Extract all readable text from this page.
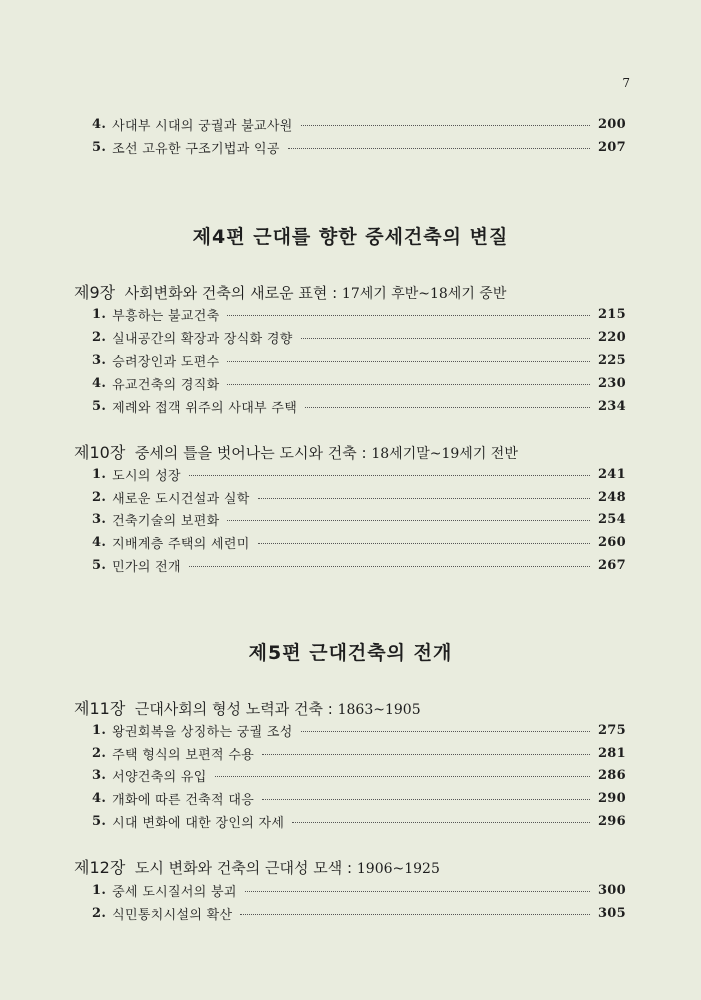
7
4. 사대부 시대의 궁궐과 불교사원	200
5. 조선 고유한 구조기법과 익공	207
제4편 근대를 향한 중세건축의 변질
제9장 사회변화와 건축의 새로운 표현 : 17세기 후반~18세기 중반
1. 부흥하는 불교건축	215
2. 실내공간의 확장과 장식화 경향	220
3. 승려장인과 도편수	225
4. 유교건축의 경직화	230
5. 제례와 접객 위주의 사대부 주택	234
제10장 중세의 틀을 벗어나는 도시와 건축 : 18세기말~19세기 전반
1. 도시의 성장	241
2. 새로운 도시건설과 실학	248
3. 건축기술의 보편화	254
4. 지배계층 주택의 세련미	260
5. 민가의 전개	267
제5편 근대건축의 전개
제11장 근대사회의 형성 노력과 건축 : 1863~1905
1. 왕권회복을 상징하는 궁궐 조성	275
2. 주택 형식의 보편적 수용	281
3. 서양건축의 유입	286
4. 개화에 따른 건축적 대응	290
5. 시대 변화에 대한 장인의 자세	296
제12장 도시 변화와 건축의 근대성 모색 : 1906~1925
1. 중세 도시질서의 붕괴	300
2. 식민통치시설의 확산	305
